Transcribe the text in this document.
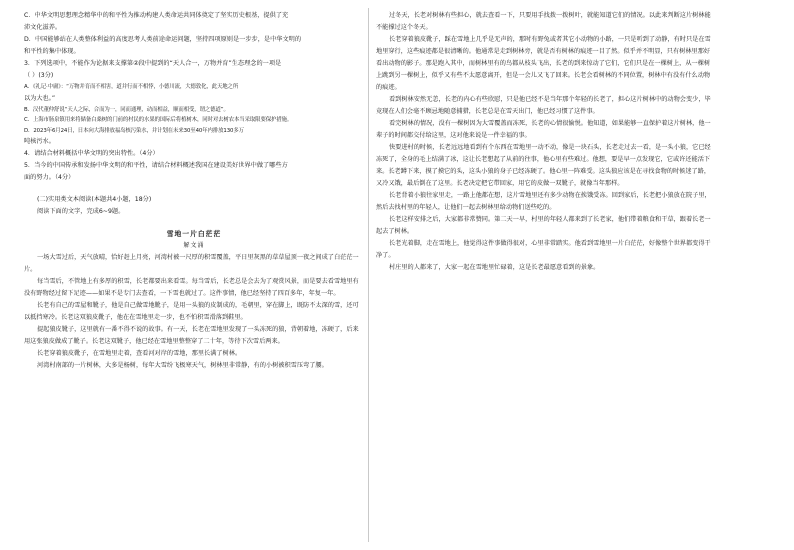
C．中华文明思想理念精华中的和平性为推动构建人类命运共同体奠定了坚实历史根基，提供了充

沛文化滋养。

D．中国能够站在人类整体利益的高度思考人类前途命运问题，坚持四项原则是一步步，是中华文明的

和平性的集中体现。

3．下列选项中，不能作为论据来支撑第②段中提到的“天人合一，万物并育”生态理念的一项是

（ ）(3分)

A．《礼记·中庸》：“万物并育而不相害，道并行而不相悖，小德川流，大德敦化，此天地之所

以为大也。”

B．汉代董仲舒说“天人之际，合而为一，同而通理，动而相益，顺而相受，谓之德道”。

C．上海市肠泉镇用来将储备白桑树的门前的村民的水果的国际后将植树木，同时对去树农本当采取限要保护措施。

D．2023年6月24日，日本向大海排放福岛核污染水，并计划在未来30至40年内排放130多万

吨核污水。

4．请结合材料概括中华文明的突出特性。（4分）

5．当今的中国传承和发扬中华文明的和平性，请结合材料概述我国在建设美好世界中做了哪些方

面的努力。（4分）

(二)实用类文本阅读(本题共4小题，18分)

阅读下面的文字，完成6~9题。

雪地一片白茫茫

解文涌

一场大雪过后，天气放晴，恰好赶上月亮，河湾村被一尺厚的积雪覆盖，平日里灰黑的草草屋顶一夜之间成了白茫茫一片。

每当雪后，不管地上有多厚的积雪，长老都要出来看雪。每当雪后，长老总是会去为了观赏风景，而是要去看雪地里有没有野物经过留下足迹——如果不是专门去查看，一下雪也就过了。这件事情，他已经坚持了四百多年，年复一年。

长老有自己的雪屋和靴子，他是自己做雪地靴子，是用一头狼的皮制成的，毛朝里，穿在脚上，既防不太深的雪，还可以抵挡寒冷。长老这双狼皮靴子，他在在雪地里走一步，也不怕积雪滑落到鞋里。

提起狼皮靴子，这里就有一番不得不说的故事。有一天，长老在雪地里发现了一头冻死的狼，背朝着地，冻硬了，后来用这张狼皮做成了靴子。长老这双靴子，他已经在雪地里整整穿了二十年，等待下次雪后两来。

长老穿着狼皮靴子，在雪地里走着，查看河对岸的雪地，那里长满了树林。

河湾村南部的一片树林，大多是杨树，每年大雪纷飞极寒天气，树林里非常静，有的小树被积雪压弯了腰。

过冬天，长老对树林有些担心，就去查看一下，只要用手找拨一拨树叶，就能知道它们的情况。以此来判断这片树林能不能撑过这个冬天。

长老穿着狼皮靴子，踩在雪地上几乎是无声的，那时有野兔或者其它小动物的小路，一只是听到了动静，有时只是在雪地里穿行，这些痕迹都是很清晰的。他通常是走到树林旁，就是否有树林的痕迹一目了然。似乎并不明显，只有树林里那好看出动物的影子。那是跑入其中，而树林里有的鸟都从枝头飞出，长老的到来惊动了它们，它们只是在一棵树上，从一棵树上跳到另一棵树上，似乎又有些不太愿意离开，但是一会儿又飞了回来。长老会看树林的不同位置，树林中有没有什么动物的痕迹。

看到树林安然无恙，长老的内心有些欣慰，只是他已经不是当年那个年轻的长老了，担心这片树林中的动物会变少，毕竟现在人们会毫不顾忌地随意捕猎，长老总是在雪天出门，他已经习惯了这件事。

看完树林的情况，没有一棵树因为大雪覆盖而冻死，长老的心情很愉悦。他知道，如果能够一直保护着这片树林，他一辈子的时间都交付给这里，这对他来说是一件幸福的事。

快要进村的时候，长老远远地看到有个东西在雪地里一动不动，像是一块石头，长老走过去一看，是一头小狼，它已经冻死了，全身的毛上结满了冰，这让长老想起了从前的往事，他心里有些难过。他想，要是早一点发现它，它或许还能活下来。长老蹲下来，摸了摸它的头，这头小狼的身子已经冻硬了。他心里一阵难受。这头狼应该是在寻找食物的时候迷了路，又冷又饿，最后倒在了这里。长老决定把它带回家，用它的皮做一双靴子，就像当年那样。

长老背着小狼往家里走，一路上他都在想，这片雪地里还有多少动物在挨饿受冻。回到家后，长老把小狼放在院子里，然后去找村里的年轻人，让他们一起去树林里给动物们送些吃的。

长老这样安排之后，大家都非常赞同。第二天一早，村里的年轻人都来到了长老家，他们带着粮食和干草，跟着长老一起去了树林。

长老光着脚，走在雪地上，他觉得这件事做得很对，心里非常踏实。他看到雪地里一片白茫茫，好像整个世界都变得干净了。

村庄里的人都来了，大家一起在雪地里忙碌着，这是长老最愿意看到的景象。
